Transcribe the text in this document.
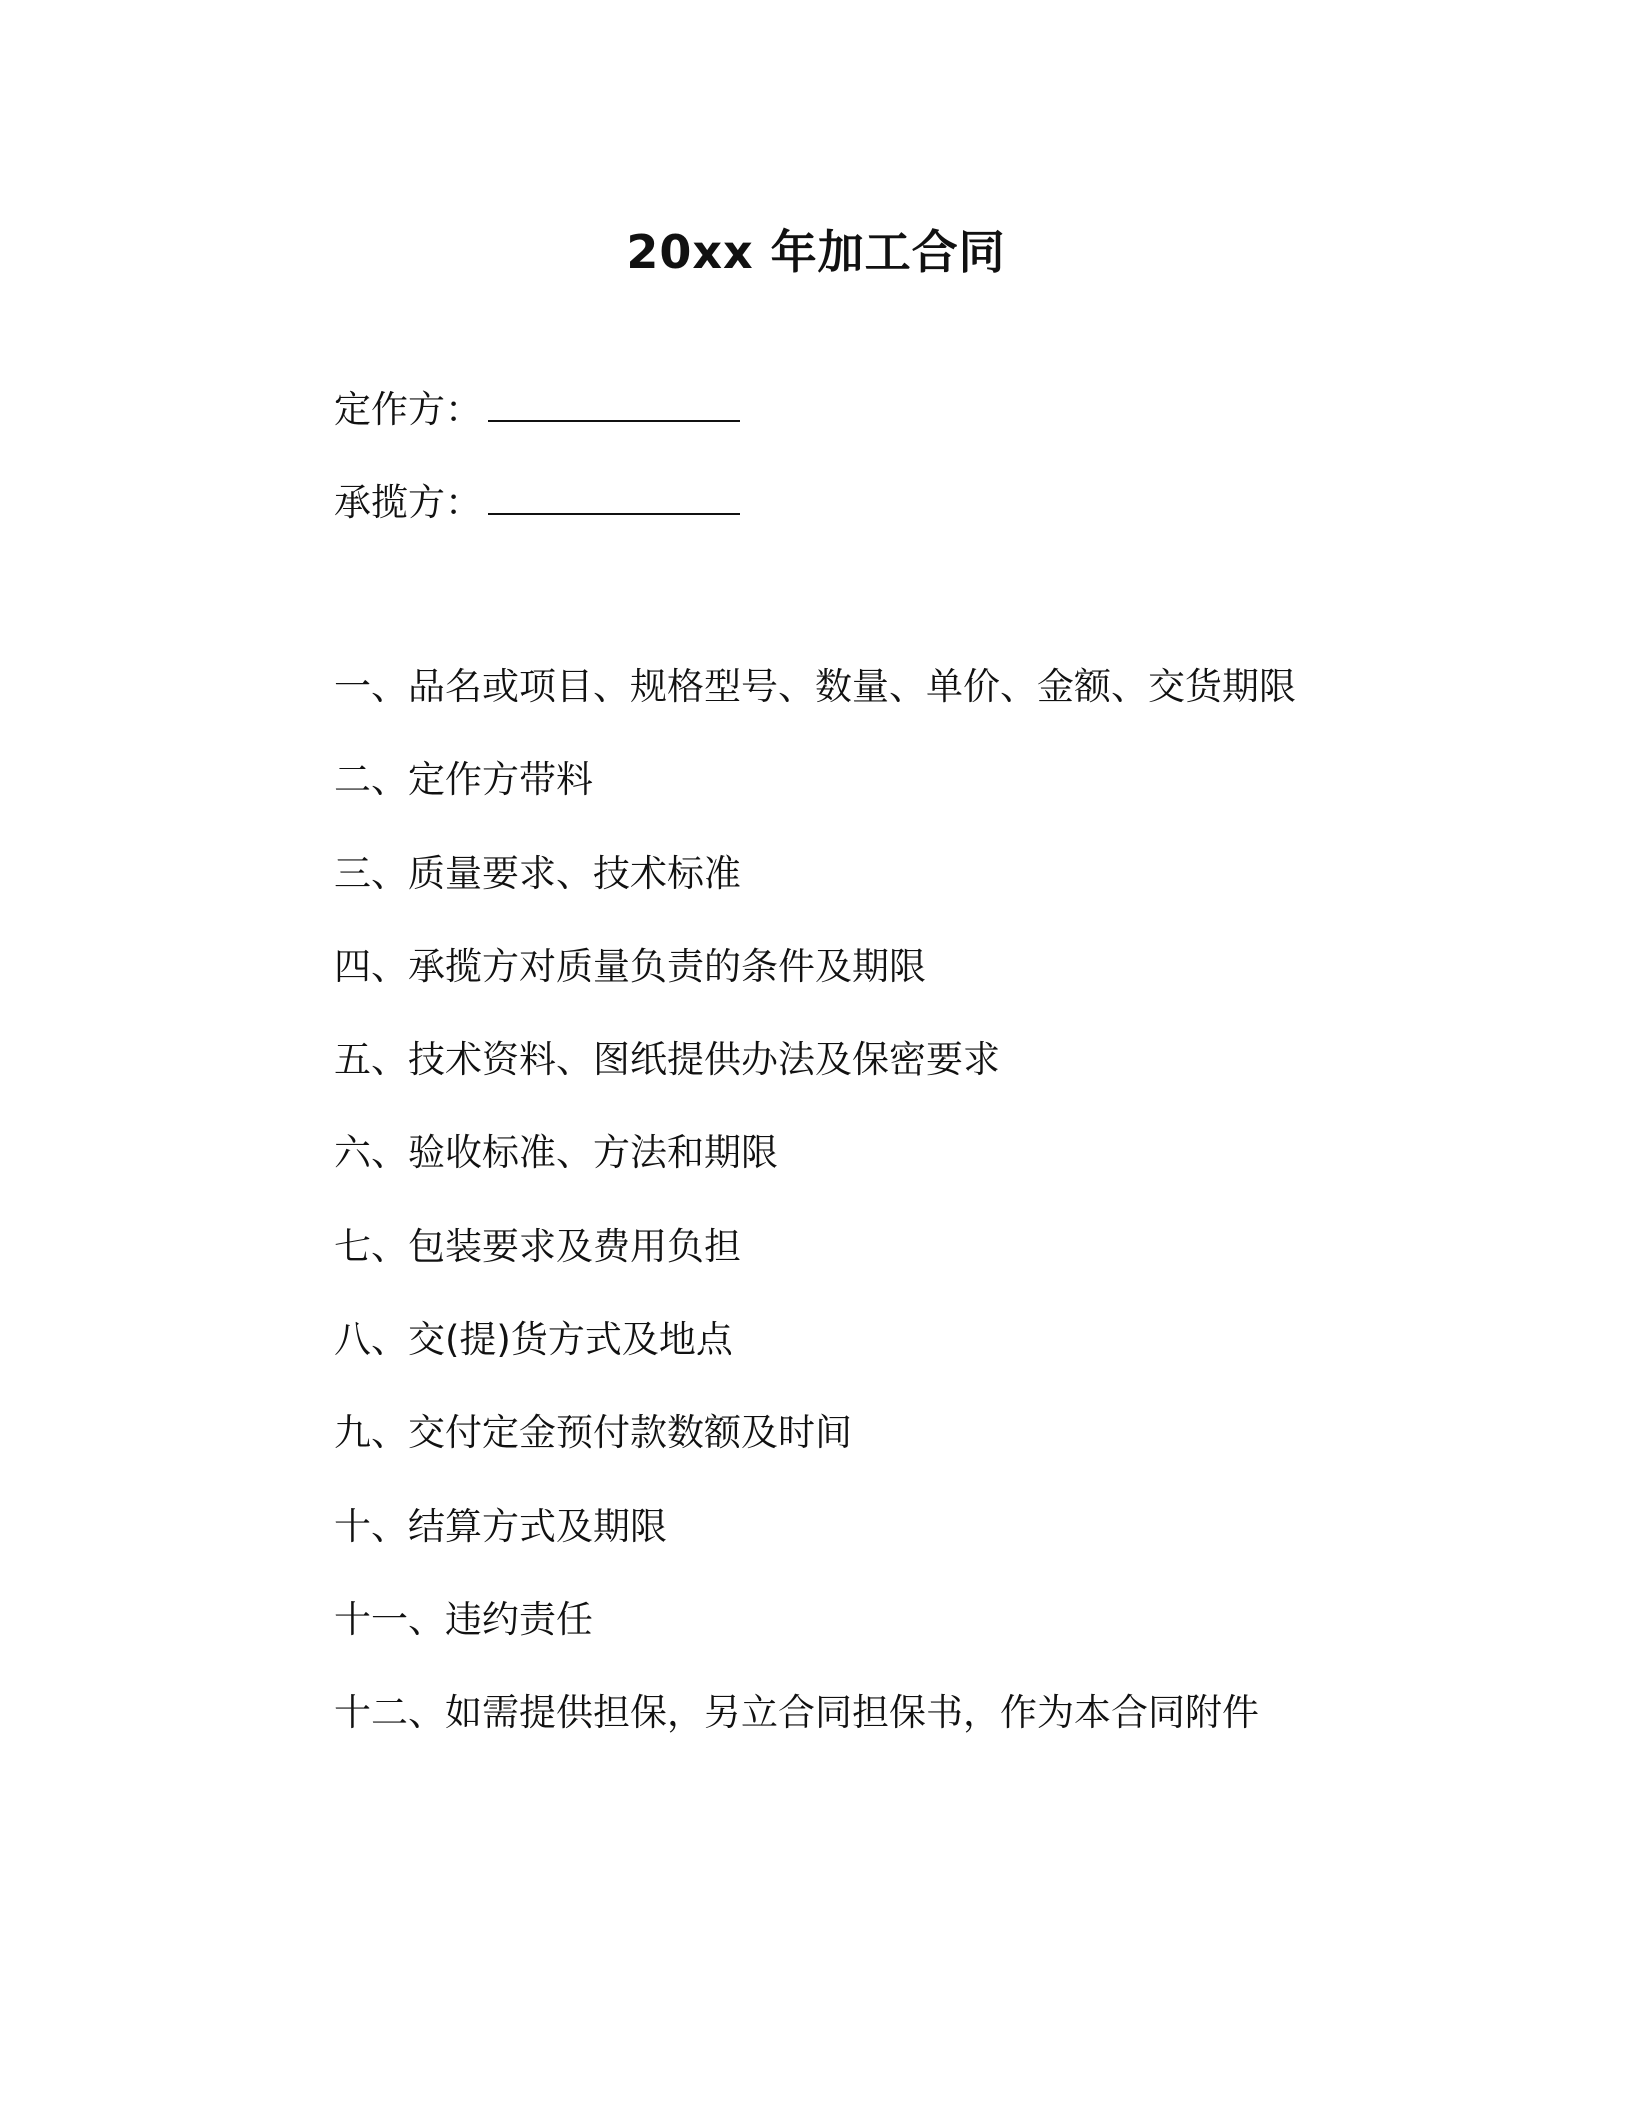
20xx 年加工合同
定作方：
承揽方：
一、品名或项目、规格型号、数量、单价、金额、交货期限
二、定作方带料
三、质量要求、技术标准
四、承揽方对质量负责的条件及期限
五、技术资料、图纸提供办法及保密要求
六、验收标准、方法和期限
七、包装要求及费用负担
八、交(提)货方式及地点
九、交付定金预付款数额及时间
十、结算方式及期限
十一、违约责任
十二、如需提供担保，另立合同担保书，作为本合同附件
